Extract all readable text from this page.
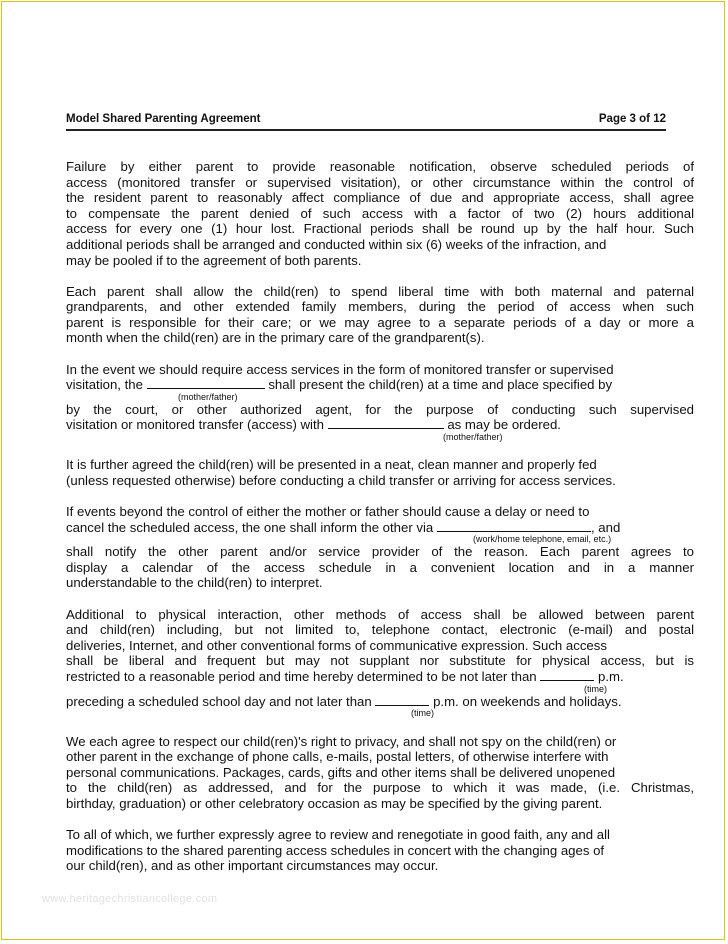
Model Shared Parenting Agreement	Page 3 of 12

Failure by either parent to provide reasonable notification, observe scheduled periods of
access (monitored transfer or supervised visitation), or other circumstance within the control of
the resident parent to reasonably affect compliance of due and appropriate access, shall agree
to compensate the parent denied of such access with a factor of two (2) hours additional
access for every one (1) hour lost. Fractional periods shall be round up by the half hour. Such
additional periods shall be arranged and conducted within six (6) weeks of the infraction, and
may be pooled if to the agreement of both parents.

Each parent shall allow the child(ren) to spend liberal time with both maternal and paternal
grandparents, and other extended family members, during the period of access when such
parent is responsible for their care; or we may agree to a separate periods of a day or more a
month when the child(ren) are in the primary care of the grandparent(s).

In the event we should require access services in the form of monitored transfer or supervised
visitation, the	shall present the child(ren) at a time and place specified by
(mother/father)
by the court, or other authorized agent, for the purpose of conducting such supervised
visitation or monitored transfer (access) with	as may be ordered.
(mother/father)

It is further agreed the child(ren) will be presented in a neat, clean manner and properly fed
(unless requested otherwise) before conducting a child transfer or arriving for access services.

If events beyond the control of either the mother or father should cause a delay or need to
cancel the scheduled access, the one shall inform the other via	, and
(work/home telephone, email, etc.)
shall notify the other parent and/or service provider of the reason. Each parent agrees to
display a calendar of the access schedule in a convenient location and in a manner
understandable to the child(ren) to interpret.

Additional to physical interaction, other methods of access shall be allowed between parent
and child(ren) including, but not limited to, telephone contact, electronic (e-mail) and postal
deliveries, Internet, and other conventional forms of communicative expression. Such access
shall be liberal and frequent but may not supplant nor substitute for physical access, but is
restricted to a reasonable period and time hereby determined to be not later than	p.m.
(time)
preceding a scheduled school day and not later than	p.m. on weekends and holidays.
(time)

We each agree to respect our child(ren)'s right to privacy, and shall not spy on the child(ren) or
other parent in the exchange of phone calls, e-mails, postal letters, of otherwise interfere with
personal communications. Packages, cards, gifts and other items shall be delivered unopened
to the child(ren) as addressed, and for the purpose to which it was made, (i.e. Christmas,
birthday, graduation) or other celebratory occasion as may be specified by the giving parent.

To all of which, we further expressly agree to review and renegotiate in good faith, any and all
modifications to the shared parenting access schedules in concert with the changing ages of
our child(ren), and as other important circumstances may occur.

www.heritagechristiancollege.com
